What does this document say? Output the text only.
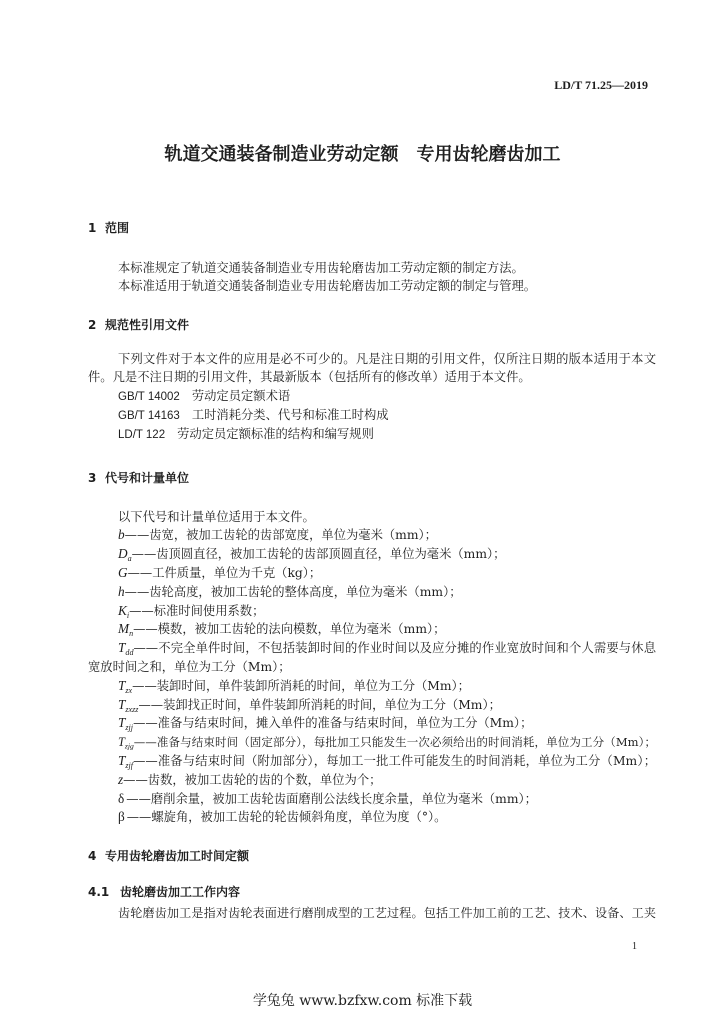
LD/T 71.25—2019
轨道交通装备制造业劳动定额　专用齿轮磨齿加工
1 范围
本标准规定了轨道交通装备制造业专用齿轮磨齿加工劳动定额的制定方法。
本标准适用于轨道交通装备制造业专用齿轮磨齿加工劳动定额的制定与管理。
2 规范性引用文件
下列文件对于本文件的应用是必不可少的。凡是注日期的引用文件，仅所注日期的版本适用于本文
件。凡是不注日期的引用文件，其最新版本（包括所有的修改单）适用于本文件。
GB/T 14002 劳动定员定额术语
GB/T 14163 工时消耗分类、代号和标准工时构成
LD/T 122 劳动定员定额标准的结构和编写规则
3 代号和计量单位
以下代号和计量单位适用于本文件。
b——齿宽，被加工齿轮的齿部宽度，单位为毫米（mm）；
$D_a——$齿顶圆直径，被加工齿轮的齿部顶圆直径，单位为毫米（mm）；
G——工件质量，单位为千克（kg）；
h——齿轮高度，被加工齿轮的整体高度，单位为毫米（mm）；
$K_i——$标准时间使用系数；
$M_n——$模数，被加工齿轮的法向模数，单位为毫米（mm）；
$T_{dd}——$不完全单件时间，不包括装卸时间的作业时间以及应分摊的作业宽放时间和个人需要与休息
宽放时间之和，单位为工分（Mm）；
$T_{zx}——$装卸时间，单件装卸所消耗的时间，单位为工分（Mm）；
$T_{zxzz}——$装卸找正时间，单件装卸所消耗的时间，单位为工分（Mm）；
$T_{zjj}——$准备与结束时间，摊入单件的准备与结束时间，单位为工分（Mm）；
$T_{zjg}——$准备与结束时间（固定部分），每批加工只能发生一次必须给出的时间消耗，单位为工分（Mm）；
$T_{zjf}——$准备与结束时间（附加部分），每加工一批工件可能发生的时间消耗，单位为工分（Mm）；
z——齿数，被加工齿轮的齿的个数，单位为个；
δ ——磨削余量，被加工齿轮齿面磨削公法线长度余量，单位为毫米（mm）；
β ——螺旋角，被加工齿轮的轮齿倾斜角度，单位为度（°）。
4 专用齿轮磨齿加工时间定额
4.1 齿轮磨齿加工工作内容
齿轮磨齿加工是指对齿轮表面进行磨削成型的工艺过程。包括工件加工前的工艺、技术、设备、工夹
1
学兔兔 www.bzfxw.com 标准下载
